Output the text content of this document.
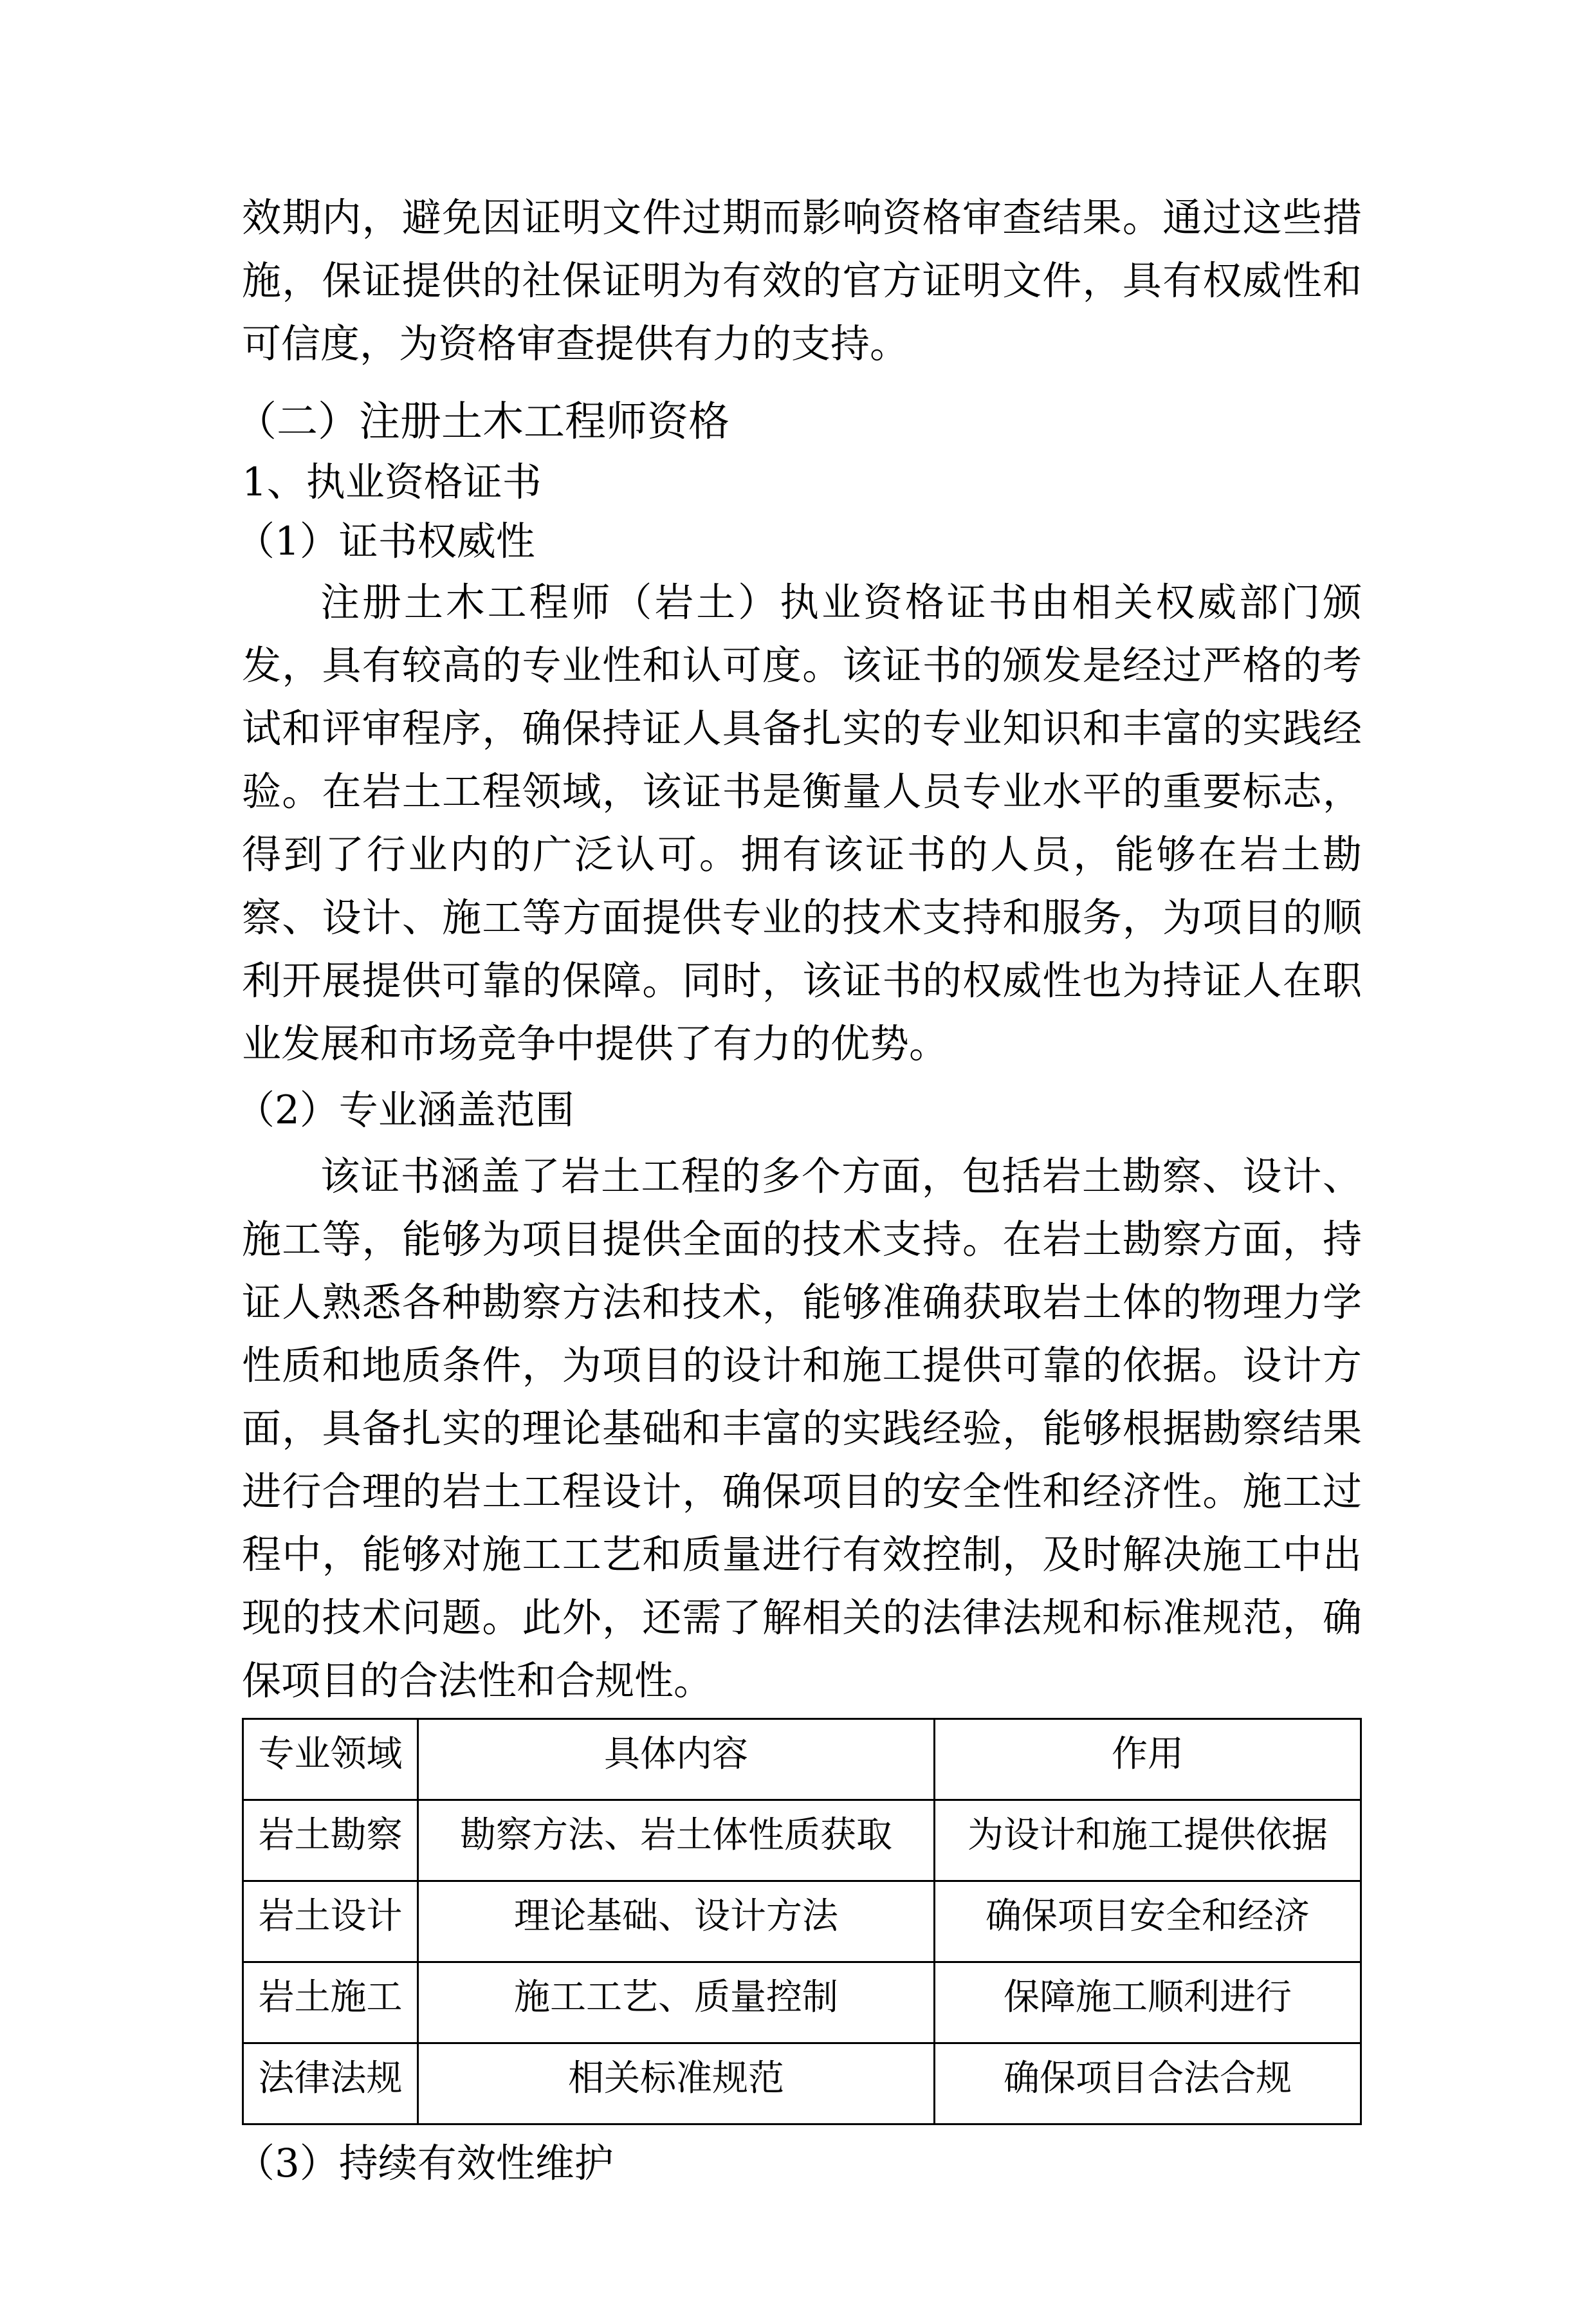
效期内，避免因证明文件过期而影响资格审查结果。通过这些措施，保证提供的社保证明为有效的官方证明文件，具有权威性和可信度，为资格审查提供有力的支持。

（二）注册土木工程师资格

1、执业资格证书

（1）证书权威性

注册土木工程师（岩土）执业资格证书由相关权威部门颁发，具有较高的专业性和认可度。该证书的颁发是经过严格的考试和评审程序，确保持证人具备扎实的专业知识和丰富的实践经验。在岩土工程领域，该证书是衡量人员专业水平的重要标志，得到了行业内的广泛认可。拥有该证书的人员，能够在岩土勘察、设计、施工等方面提供专业的技术支持和服务，为项目的顺利开展提供可靠的保障。同时，该证书的权威性也为持证人在职业发展和市场竞争中提供了有力的优势。

（2）专业涵盖范围

该证书涵盖了岩土工程的多个方面，包括岩土勘察、设计、施工等，能够为项目提供全面的技术支持。在岩土勘察方面，持证人熟悉各种勘察方法和技术，能够准确获取岩土体的物理力学性质和地质条件，为项目的设计和施工提供可靠的依据。设计方面，具备扎实的理论基础和丰富的实践经验，能够根据勘察结果进行合理的岩土工程设计，确保项目的安全性和经济性。施工过程中，能够对施工工艺和质量进行有效控制，及时解决施工中出现的技术问题。此外，还需了解相关的法律法规和标准规范，确保项目的合法性和合规性。

专业领域	具体内容	作用
岩土勘察	勘察方法、岩土体性质获取	为设计和施工提供依据
岩土设计	理论基础、设计方法	确保项目安全和经济
岩土施工	施工工艺、质量控制	保障施工顺利进行
法律法规	相关标准规范	确保项目合法合规

（3）持续有效性维护
